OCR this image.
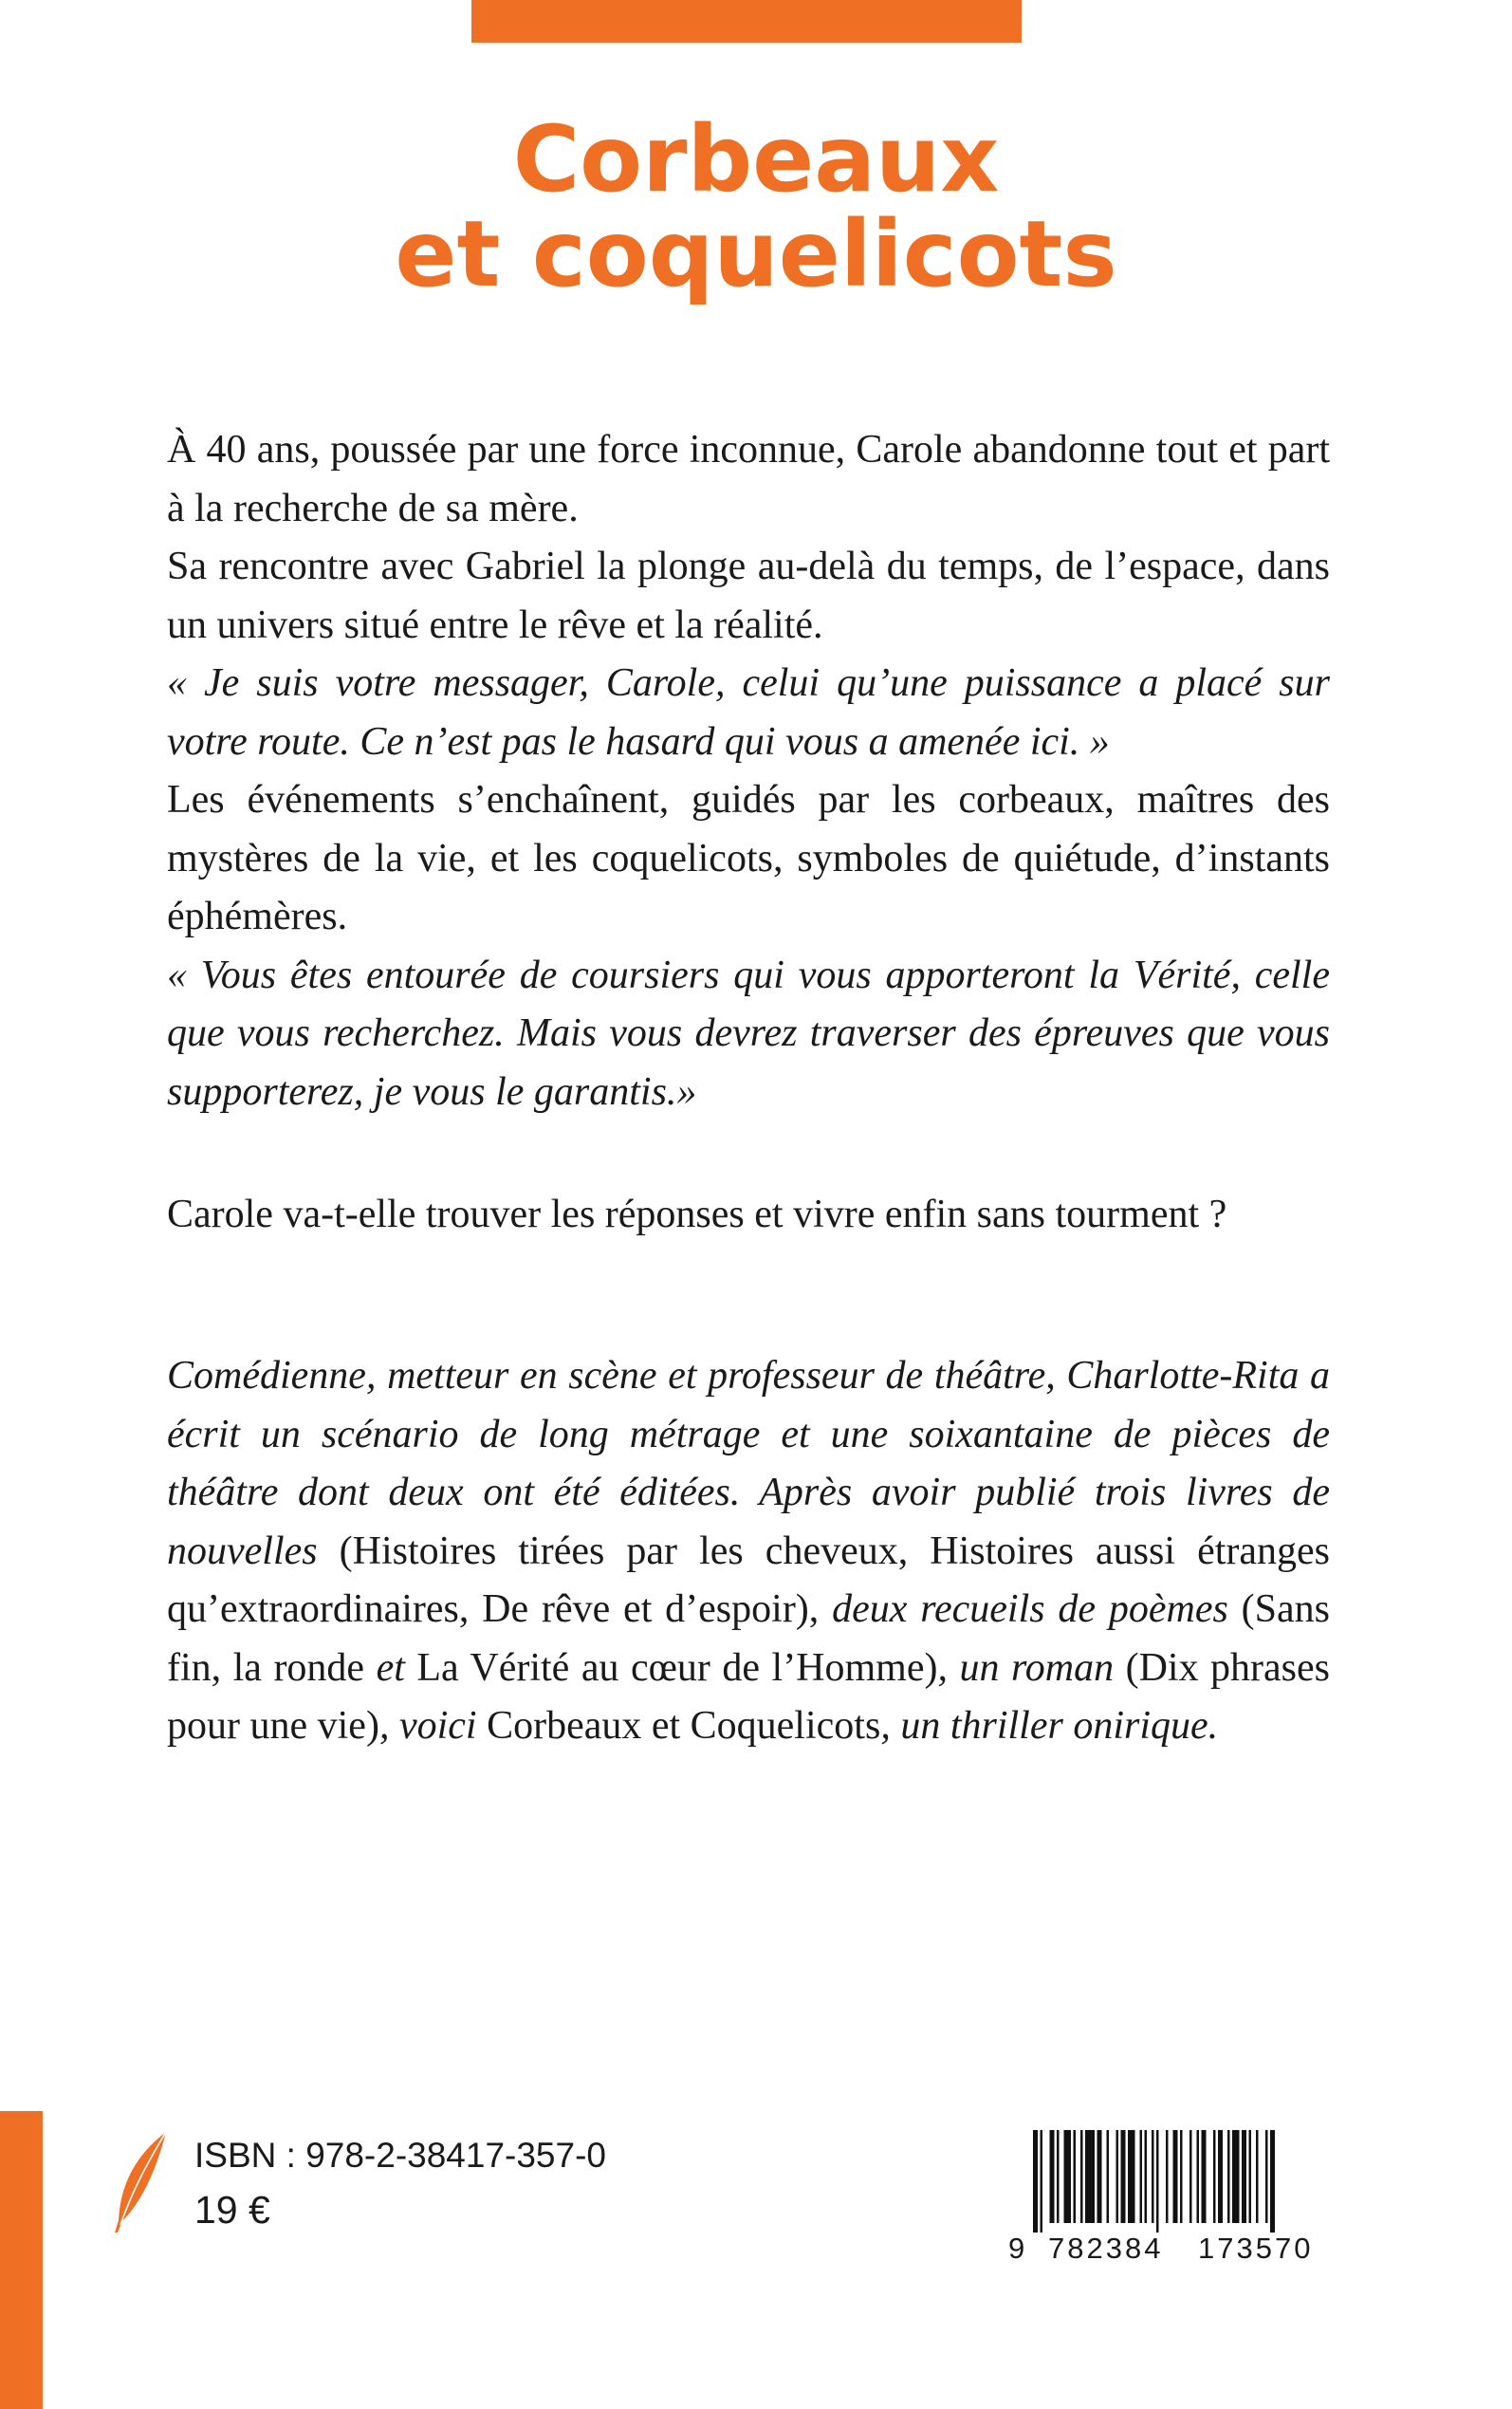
Corbeaux
et coquelicots

À 40 ans, poussée par une force inconnue, Carole abandonne tout et part à la recherche de sa mère.

Sa rencontre avec Gabriel la plonge au-delà du temps, de l’espace, dans un univers situé entre le rêve et la réalité.

« Je suis votre messager, Carole, celui qu’une puissance a placé sur votre route. Ce n’est pas le hasard qui vous a amenée ici. »

Les événements s’enchaînent, guidés par les corbeaux, maîtres des mystères de la vie, et les coquelicots, symboles de quiétude, d’instants éphémères.

« Vous êtes entourée de coursiers qui vous apporteront la Vérité, celle que vous recherchez. Mais vous devrez traverser des épreuves que vous supporterez, je vous le garantis.»

Carole va-t-elle trouver les réponses et vivre enfin sans tourment ?

Comédienne, metteur en scène et professeur de théâtre, Charlotte-Rita a écrit un scénario de long métrage et une soixantaine de pièces de théâtre dont deux ont été éditées. Après avoir publié trois livres de nouvelles (Histoires tirées par les cheveux, Histoires aussi étranges qu’extraordinaires, De rêve et d’espoir), deux recueils de poèmes (Sans fin, la ronde et La Vérité au cœur de l’Homme), un roman (Dix phrases pour une vie), voici Corbeaux et Coquelicots, un thriller onirique.

ISBN : 978-2-38417-357-0
19 €
9 782384 173570
